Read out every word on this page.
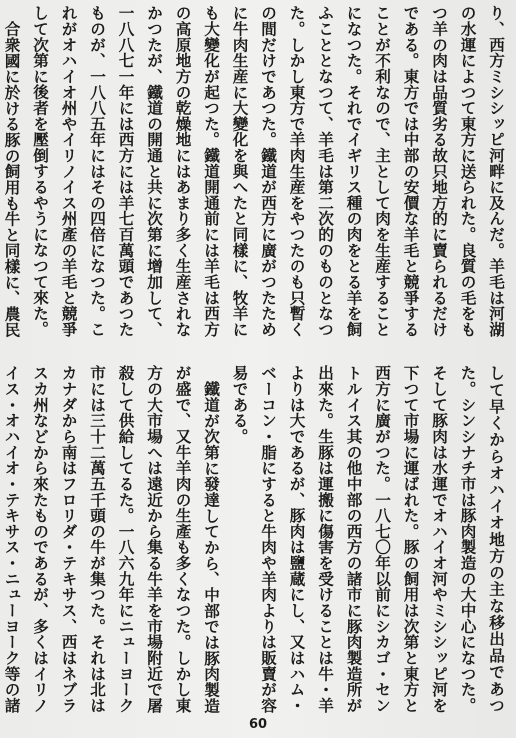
り、西方ミシシッピ河畔に及んだ。羊毛は河湖の水運によつて東方に送られた。良質の毛をもつ羊の肉は品質劣る故只地方的に賣られるだけである。東方では中部の安價な羊毛と競爭することが不利なので、主として肉を生産することになつた。それでイギリス種の肉をとる羊を飼ふこととなつて、羊毛は第二次的のものとなつた。しかし東方で羊肉生産をやつたのも只暫くの間だけであつた。鐵道が西方に廣がつたために牛肉生産に大變化を與へたと同樣に、牧羊にも大變化が起つた。鐵道開通前には羊毛は西方の高原地方の乾燥地にはあまり多く生産されなかつたが、鐵道の開通と共に次第に增加して、一八八七一年には西方には羊七百萬頭であつたものが、一八八五年にはその四倍になつた。これがオハイオ州やイリノイス州產の羊毛と競爭して次第に後者を壓倒するやうになつて來た。
合衆國に於ける豚の飼用も牛と同樣に、農民
して早くからオハイオ地方の主な移出品であつた。シンシナチ市は豚肉製造の大中心になつた。そして豚肉は水運でオハイオ河やミシシッピ河を下つて市場に運ばれた。豚の飼用は次第と東方と西方に廣がつた。一八七〇年以前にシカゴ・セントルイス其の他中部の西方の諸市に豚肉製造所が出來た。生豚は運搬に傷害を受けることは牛・羊よりは大であるが、豚肉は鹽蔵にし、又はハム・ベーコン・脂にすると牛肉や羊肉よりは販賣が容易である。
鐵道が次第に發達してから、中部では豚肉製造が盛で、又牛羊肉の生產も多くなつた。しかし東方の大市場へは遠近から集る牛羊を市場附近で屠殺して供給してるた。一八六九年にニューヨーク市には三十二萬五千頭の牛が集つた。それは北はカナダから南はフロリダ・テキサス、西はネブラスカ州などから來たものであるが、多くはイリノイス・オハイオ・テキサス・ニューヨーク等の諸
60
